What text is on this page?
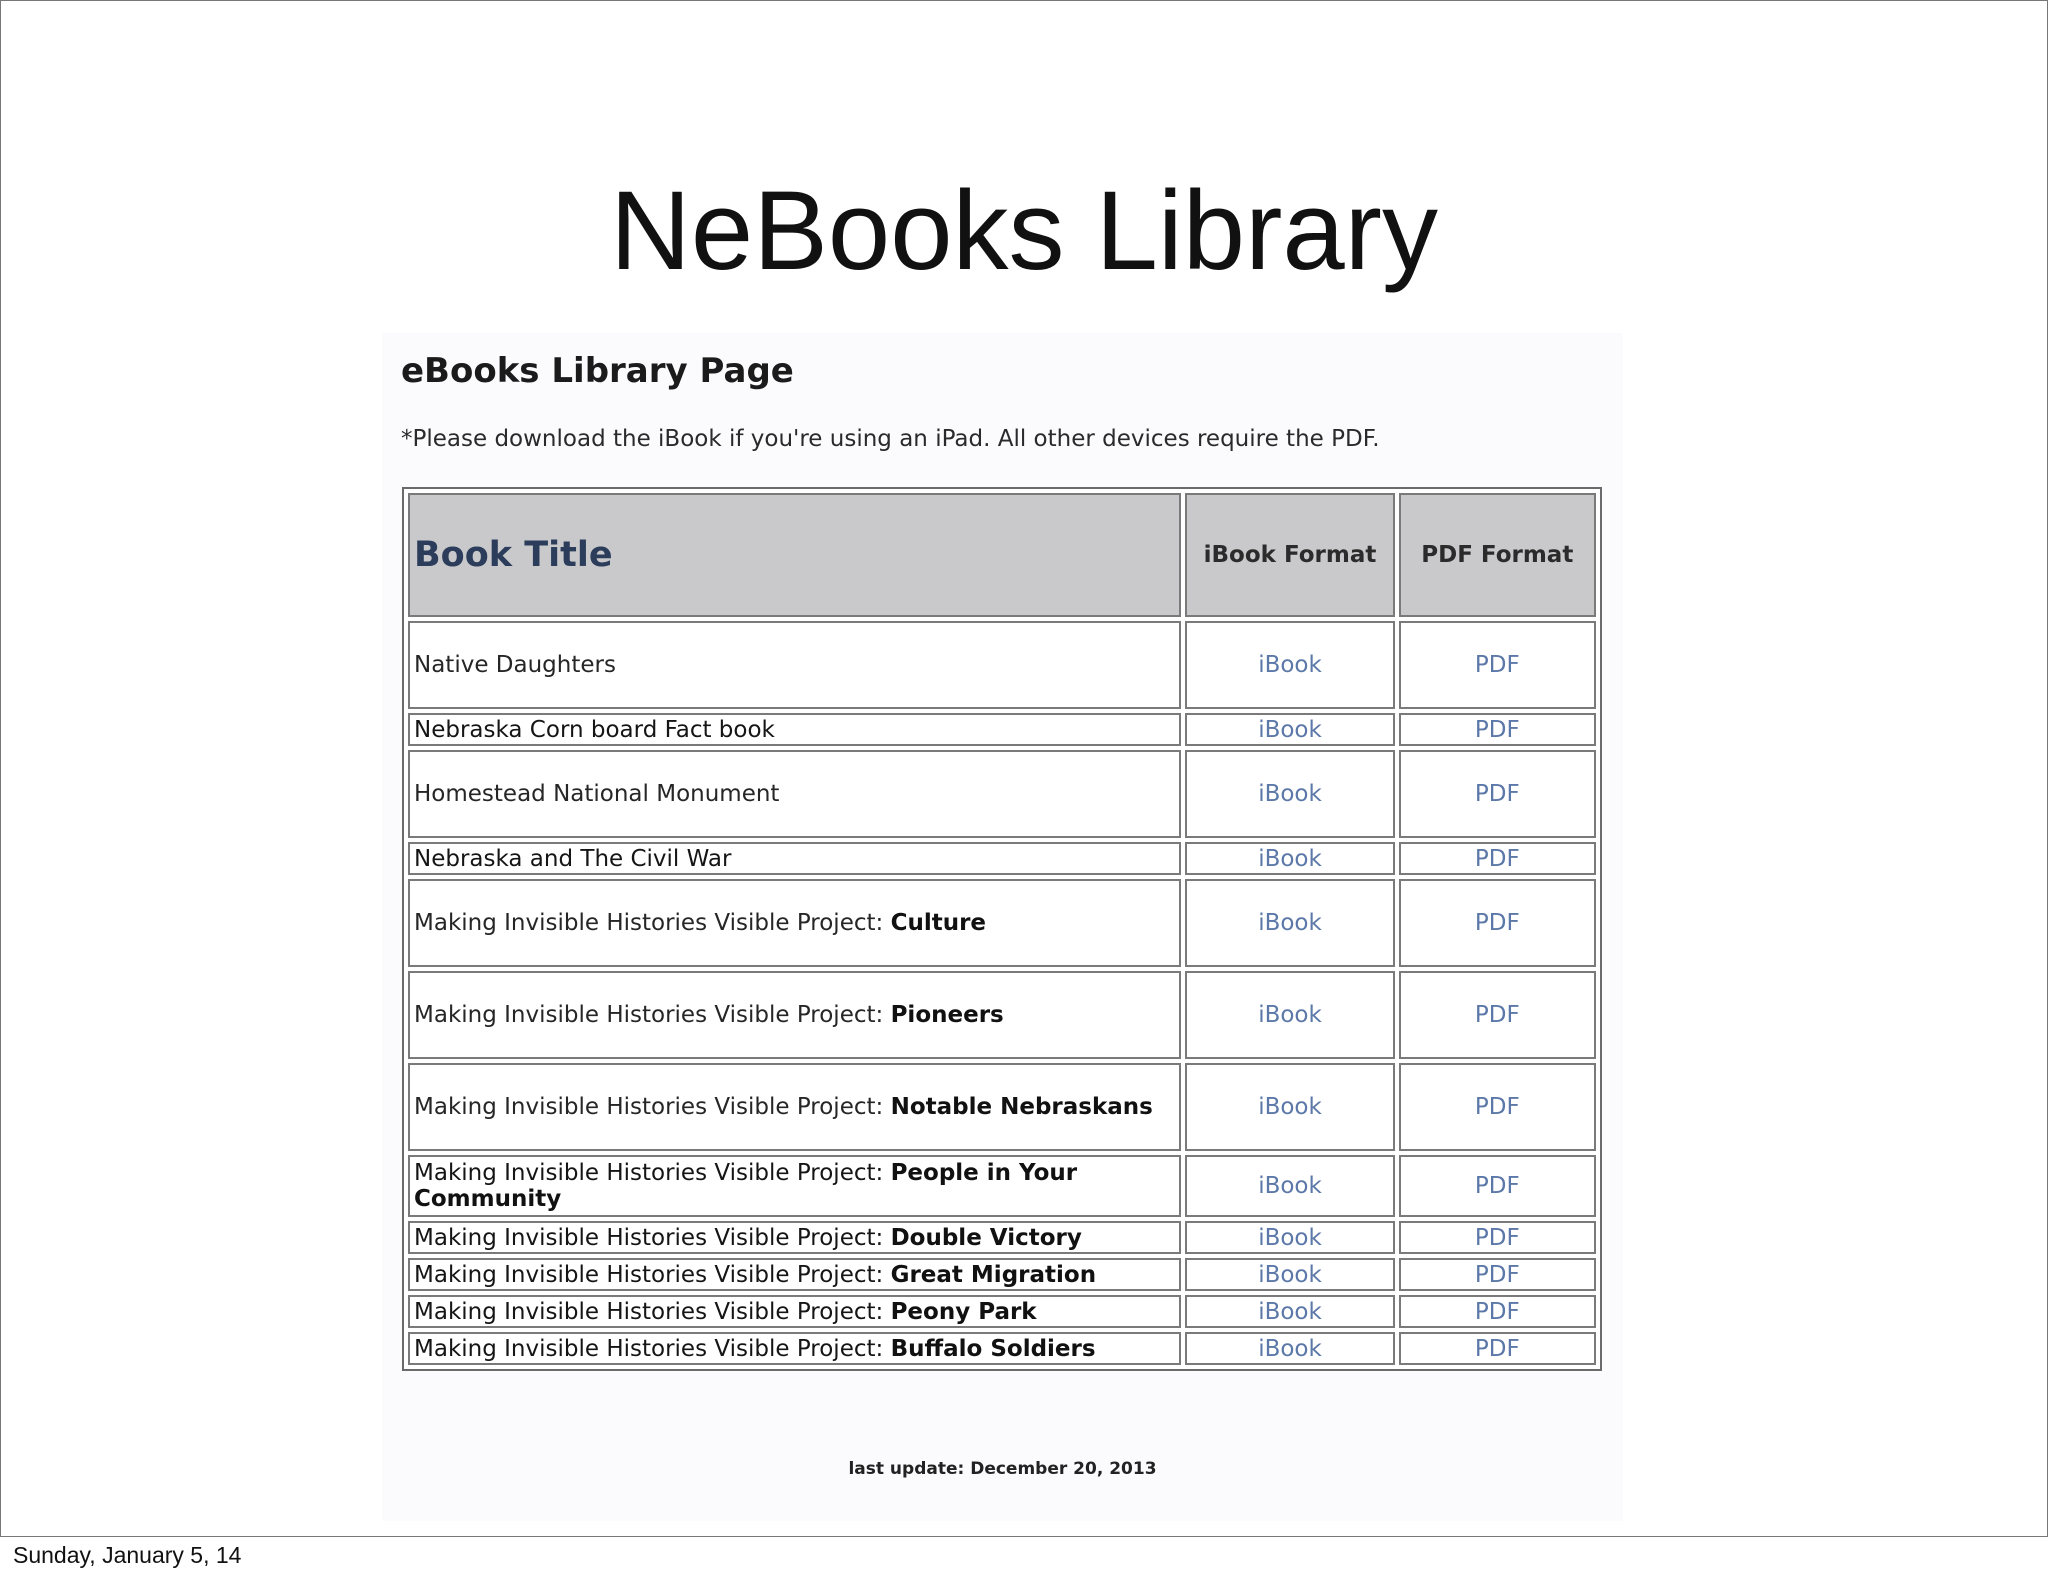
NeBooks Library
eBooks Library Page
*Please download the iBook if you're using an iPad. All other devices require the PDF.
Book Title	iBook Format	PDF Format
Native Daughters	iBook	PDF
Nebraska Corn board Fact book	iBook	PDF
Homestead National Monument	iBook	PDF
Nebraska and The Civil War	iBook	PDF
Making Invisible Histories Visible Project: Culture	iBook	PDF
Making Invisible Histories Visible Project: Pioneers	iBook	PDF
Making Invisible Histories Visible Project: Notable Nebraskans	iBook	PDF
Making Invisible Histories Visible Project: People in Your Community	iBook	PDF
Making Invisible Histories Visible Project: Double Victory	iBook	PDF
Making Invisible Histories Visible Project: Great Migration	iBook	PDF
Making Invisible Histories Visible Project: Peony Park	iBook	PDF
Making Invisible Histories Visible Project: Buffalo Soldiers	iBook	PDF
last update: December 20, 2013
Sunday, January 5, 14
